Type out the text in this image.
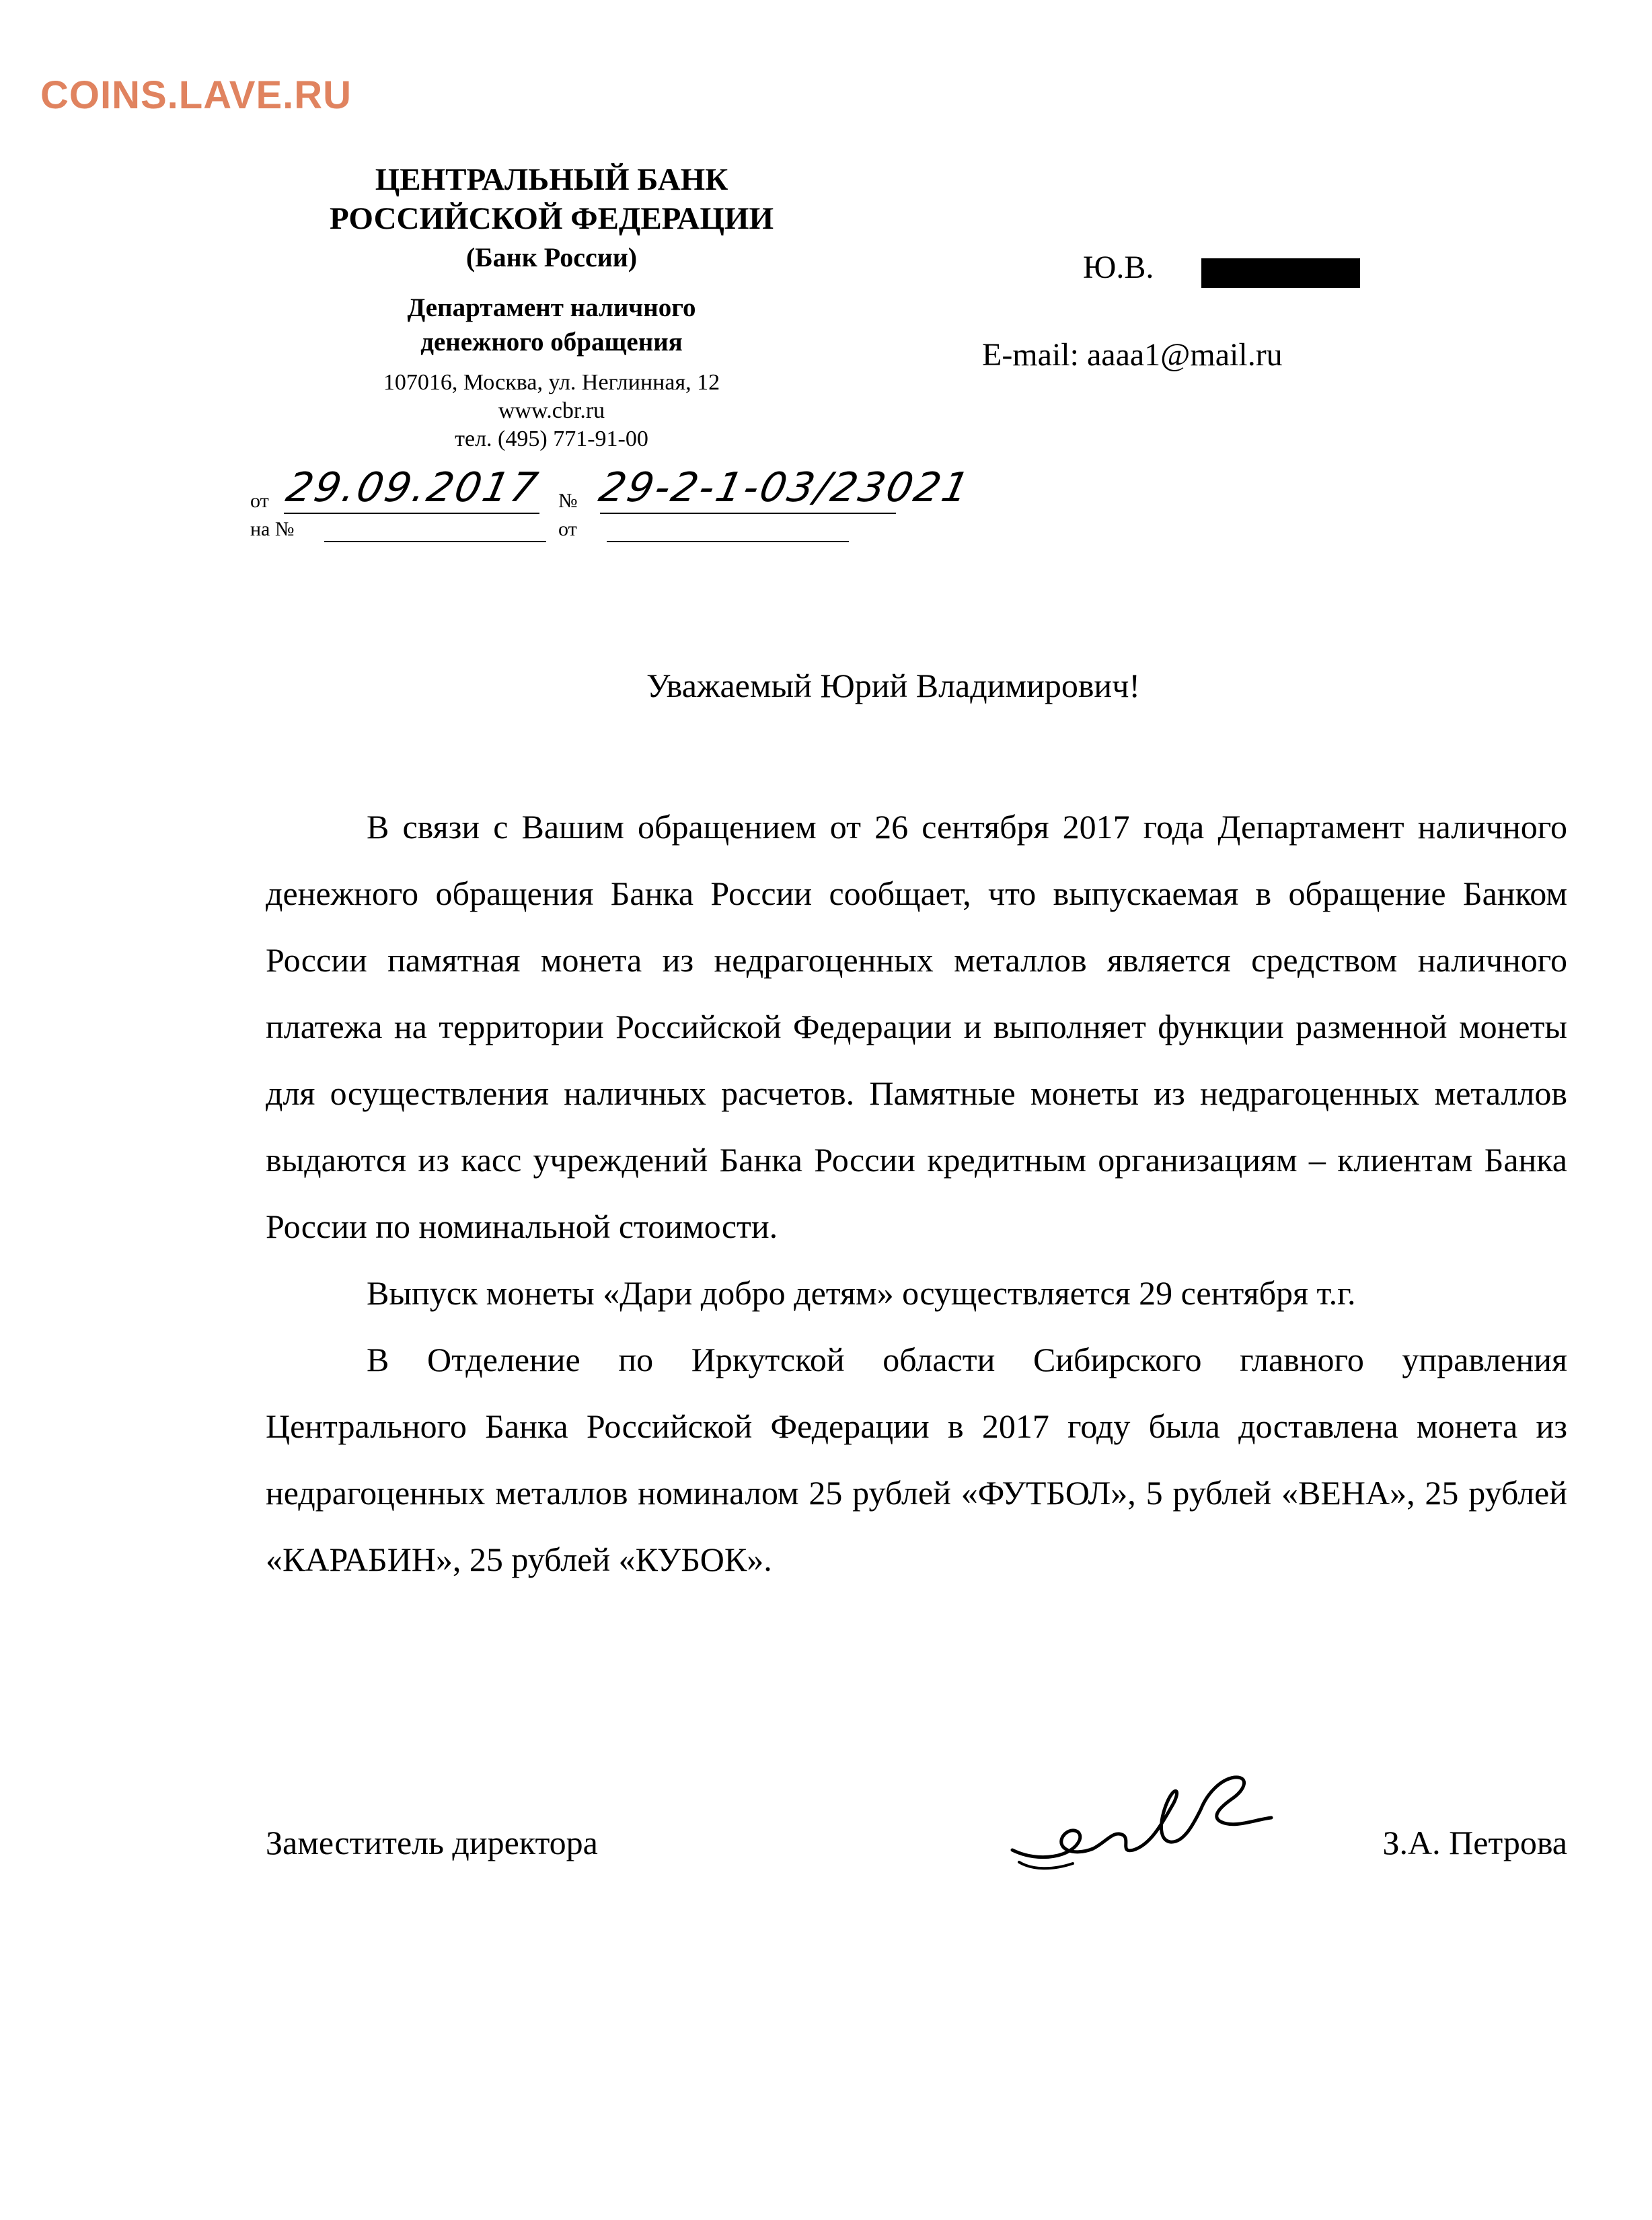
COINS.LAVE.RU
ЦЕНТРАЛЬНЫЙ БАНК
РОССИЙСКОЙ ФЕДЕРАЦИИ
(Банк России)
Департамент наличного
денежного обращения
107016, Москва, ул. Неглинная, 12
www.cbr.ru
тел. (495) 771-91-00
от 29.09.2017 № 29-2-1-03/23021
на №	от
Ю.В.
E-mail: aaaa1@mail.ru
Уважаемый Юрий Владимирович!

В связи с Вашим обращением от 26 сентября 2017 года Департамент наличного денежного обращения Банка России сообщает, что выпускаемая в обращение Банком России памятная монета из недрагоценных металлов является средством наличного платежа на территории Российской Федерации и выполняет функции разменной монеты для осуществления наличных расчетов. Памятные монеты из недрагоценных металлов выдаются из касс учреждений Банка России кредитным организациям – клиентам Банка России по номинальной стоимости.

Выпуск монеты «Дари добро детям» осуществляется 29 сентября т.г.

В Отделение по Иркутской области Сибирского главного управления Центрального Банка Российской Федерации в 2017 году была доставлена монета из недрагоценных металлов номиналом 25 рублей «ФУТБОЛ», 5 рублей «ВЕНА», 25 рублей «КАРАБИН», 25 рублей «КУБОК».

Заместитель директора	З.А. Петрова
